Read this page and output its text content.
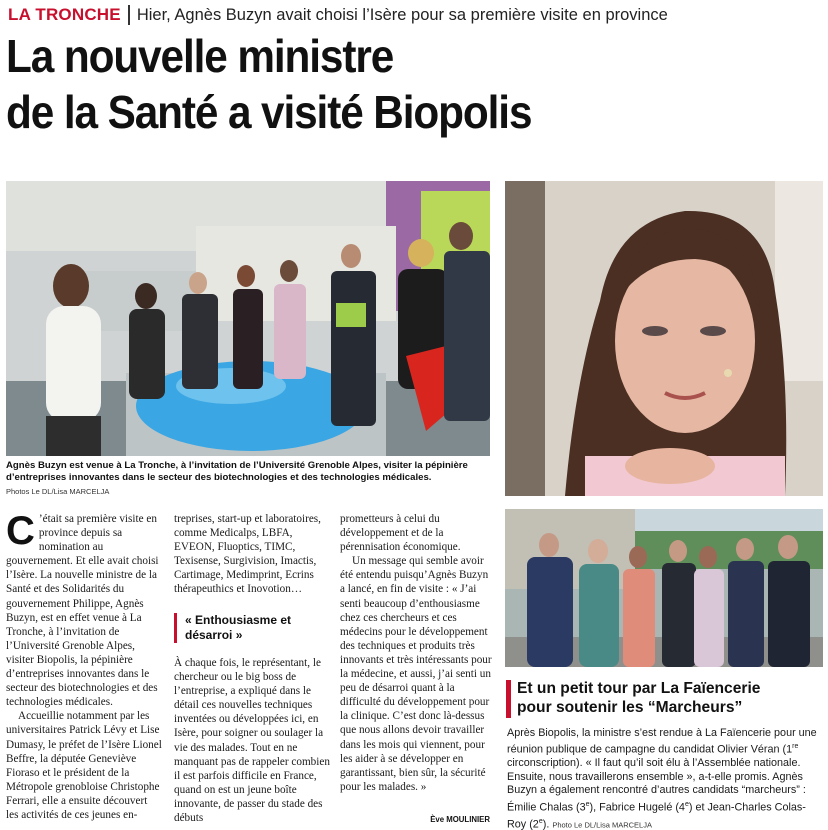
LA TRONCHE Hier, Agnès Buzyn avait choisi l’Isère pour sa première visite en province
La nouvelle ministre
de la Santé a visité Biopolis

Agnès Buzyn est venue à La Tronche, à l’invitation de l’Université Grenoble Alpes, visiter la pépinière d’entreprises innovantes dans le secteur des biotechnologies et des technologies médicales.

Photos Le DL/Lisa MARCELJA

C ’était sa première visite en province depuis sa nomination au gouvernement. Et elle avait choisi l’Isère. La nouvelle ministre de la Santé et des Solidarités du gouvernement Philippe, Agnès Buzyn, est en effet venue à La Tronche, à l’invitation de l’Université Grenoble Alpes, visiter Biopolis, la pépinière d’entreprises innovantes dans le secteur des biotechnologies et des technologies médicales.

Accueillie notamment par les universitaires Patrick Lévy et Lise Dumasy, le préfet de l’Isère Lionel Beffre, la députée Geneviève Fioraso et le président de la Métropole grenobloise Christophe Ferrari, elle a ensuite découvert les activités de ces jeunes en-

treprises, start-up et laboratoires, comme Medicalps, LBFA, EVEON, Fluoptics, TIMC, Texisense, Surgivision, Imactis, Cartimage, Medimprint, Ecrins thérapeuthics et Inovotion…

« Enthousiasme et désarroi »

À chaque fois, le représentant, le chercheur ou le big boss de l’entreprise, a expliqué dans le détail ces nouvelles techniques inventées ou développées ici, en Isère, pour soigner ou soulager la vie des malades. Tout en ne manquant pas de rappeler combien il est parfois difficile en France, quand on est un jeune boîte innovante, de passer du stade des débuts

prometteurs à celui du développement et de la pérennisation économique.

Un message qui semble avoir été entendu puisqu’Agnès Buzyn a lancé, en fin de visite : « J’ai senti beaucoup d’enthousiasme chez ces chercheurs et ces médecins pour le développement des techniques et produits très innovants et très intéressants pour la médecine, et aussi, j’ai senti un peu de désarroi quant à la difficulté du développement pour la clinique. C’est donc là-dessus que nous allons devoir travailler dans les mois qui viennent, pour les aider à se développer en garantissant, bien sûr, la sécurité pour les malades. »

Ève MOULINIER
Et un petit tour par La Faïencerie
pour soutenir les “Marcheurs”

Après Biopolis, la ministre s’est rendue à La Faïencerie pour une réunion publique de campagne du candidat Olivier Véran (1re circonscription). « Il faut qu’il soit élu à l’Assemblée nationale. Ensuite, nous travaillerons ensemble », a-t-elle promis. Agnès Buzyn a également rencontré d’autres candidats “marcheurs” : Émilie Chalas (3e), Fabrice Hugelé (4e) et Jean-Charles Colas-Roy (2e). Photo Le DL/Lisa MARCELJA
